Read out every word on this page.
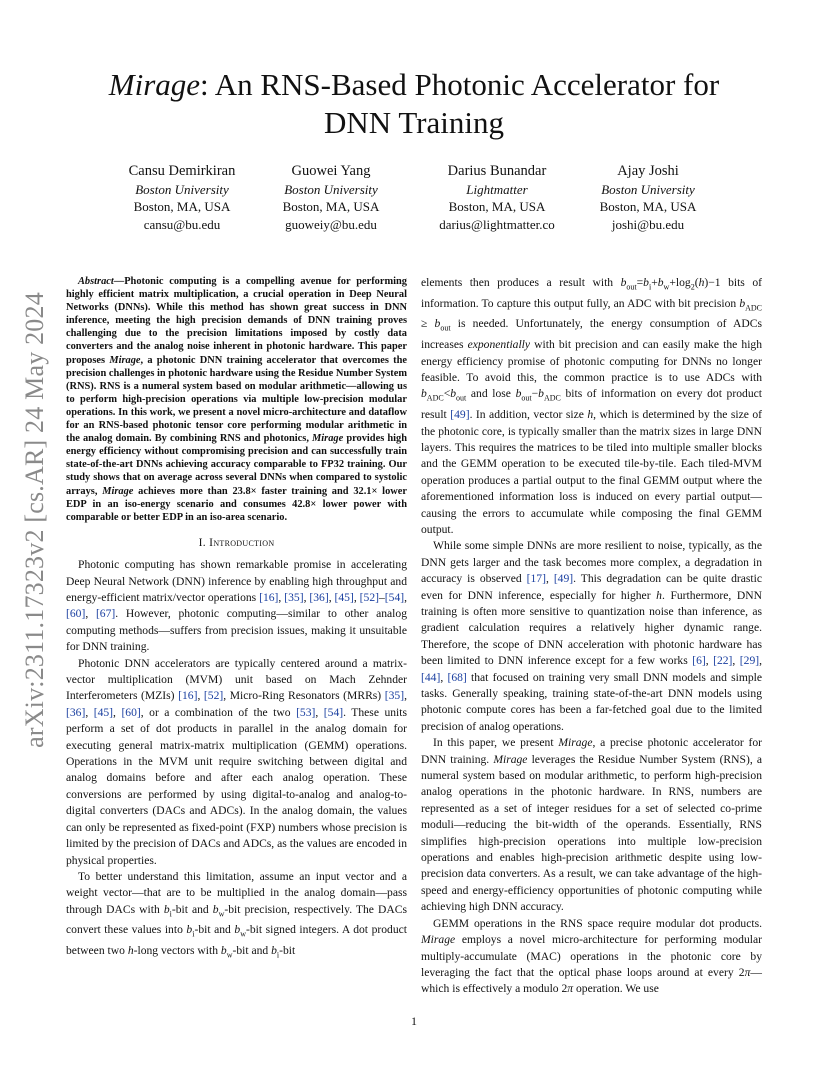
arXiv:2311.17323v2 [cs.AR] 24 May 2024
Mirage: An RNS-Based Photonic Accelerator for
DNN Training
Cansu Demirkiran
Boston University
Boston, MA, USA
cansu@bu.edu
Guowei Yang
Boston University
Boston, MA, USA
guoweiy@bu.edu
Darius Bunandar
Lightmatter
Boston, MA, USA
darius@lightmatter.co
Ajay Joshi
Boston University
Boston, MA, USA
joshi@bu.edu

Abstract—Photonic computing is a compelling avenue for performing highly efficient matrix multiplication, a crucial operation in Deep Neural Networks (DNNs). While this method has shown great success in DNN inference, meeting the high precision demands of DNN training proves challenging due to the precision limitations imposed by costly data converters and the analog noise inherent in photonic hardware. This paper proposes Mirage, a photonic DNN training accelerator that overcomes the precision challenges in photonic hardware using the Residue Number System (RNS). RNS is a numeral system based on modular arithmetic—allowing us to perform high-precision operations via multiple low-precision modular operations. In this work, we present a novel micro-architecture and dataflow for an RNS-based photonic tensor core performing modular arithmetic in the analog domain. By combining RNS and photonics, Mirage provides high energy efficiency without compromising precision and can successfully train state-of-the-art DNNs achieving accuracy comparable to FP32 training. Our study shows that on average across several DNNs when compared to systolic arrays, Mirage achieves more than 23.8× faster training and 32.1× lower EDP in an iso-energy scenario and consumes 42.8× lower power with comparable or better EDP in an iso-area scenario.

I. Introduction

Photonic computing has shown remarkable promise in accelerating Deep Neural Network (DNN) inference by enabling high throughput and energy-efficient matrix/vector operations [16], [35], [36], [45], [52]–[54], [60], [67]. However, photonic computing—similar to other analog computing methods—suffers from precision issues, making it unsuitable for DNN training.

Photonic DNN accelerators are typically centered around a matrix-vector multiplication (MVM) unit based on Mach Zehnder Interferometers (MZIs) [16], [52], Micro-Ring Resonators (MRRs) [35], [36], [45], [60], or a combination of the two [53], [54]. These units perform a set of dot products in parallel in the analog domain for executing general matrix-matrix multiplication (GEMM) operations. Operations in the MVM unit require switching between digital and analog domains before and after each analog operation. These conversions are performed by using digital-to-analog and analog-to-digital converters (DACs and ADCs). In the analog domain, the values can only be represented as fixed-point (FXP) numbers whose precision is limited by the precision of DACs and ADCs, as the values are encoded in physical properties.

To better understand this limitation, assume an input vector and a weight vector—that are to be multiplied in the analog domain—pass through DACs with $b_i$-bit and $b_w$-bit precision, respectively. The DACs convert these values into $b_i$-bit and $b_w$-bit signed integers. A dot product between two h-long vectors with $b_w$-bit and $b_i$-bit

elements then produces a result with $b_{out}=b_i+b_w+\log_2(h)-1$ bits of information. To capture this output fully, an ADC with bit precision $b_{ADC} \ge b_{out}$ is needed. Unfortunately, the energy consumption of ADCs increases exponentially with bit precision and can easily make the high energy efficiency promise of photonic computing for DNNs no longer feasible. To avoid this, the common practice is to use ADCs with $b_{ADC}<b_{out}$ and lose $b_{out}-b_{ADC}$ bits of information on every dot product result [49]. In addition, vector size h, which is determined by the size of the photonic core, is typically smaller than the matrix sizes in large DNN layers. This requires the matrices to be tiled into multiple smaller blocks and the GEMM operation to be executed tile-by-tile. Each tiled-MVM operation produces a partial output to the final GEMM output where the aforementioned information loss is induced on every partial output—causing the errors to accumulate while composing the final GEMM output.

While some simple DNNs are more resilient to noise, typically, as the DNN gets larger and the task becomes more complex, a degradation in accuracy is observed [17], [49]. This degradation can be quite drastic even for DNN inference, especially for higher h. Furthermore, DNN training is often more sensitive to quantization noise than inference, as gradient calculation requires a relatively higher dynamic range. Therefore, the scope of DNN acceleration with photonic hardware has been limited to DNN inference except for a few works [6], [22], [29], [44], [68] that focused on training very small DNN models and simple tasks. Generally speaking, training state-of-the-art DNN models using photonic compute cores has been a far-fetched goal due to the limited precision of analog operations.

In this paper, we present Mirage, a precise photonic accelerator for DNN training. Mirage leverages the Residue Number System (RNS), a numeral system based on modular arithmetic, to perform high-precision analog operations in the photonic hardware. In RNS, numbers are represented as a set of integer residues for a set of selected co-prime moduli—reducing the bit-width of the operands. Essentially, RNS simplifies high-precision operations into multiple low-precision operations and enables high-precision arithmetic despite using low-precision data converters. As a result, we can take advantage of the high-speed and energy-efficiency opportunities of photonic computing while achieving high DNN accuracy.

GEMM operations in the RNS space require modular dot products. Mirage employs a novel micro-architecture for performing modular multiply-accumulate (MAC) operations in the photonic core by leveraging the fact that the optical phase loops around at every 2π—which is effectively a modulo 2π operation. We use

1
